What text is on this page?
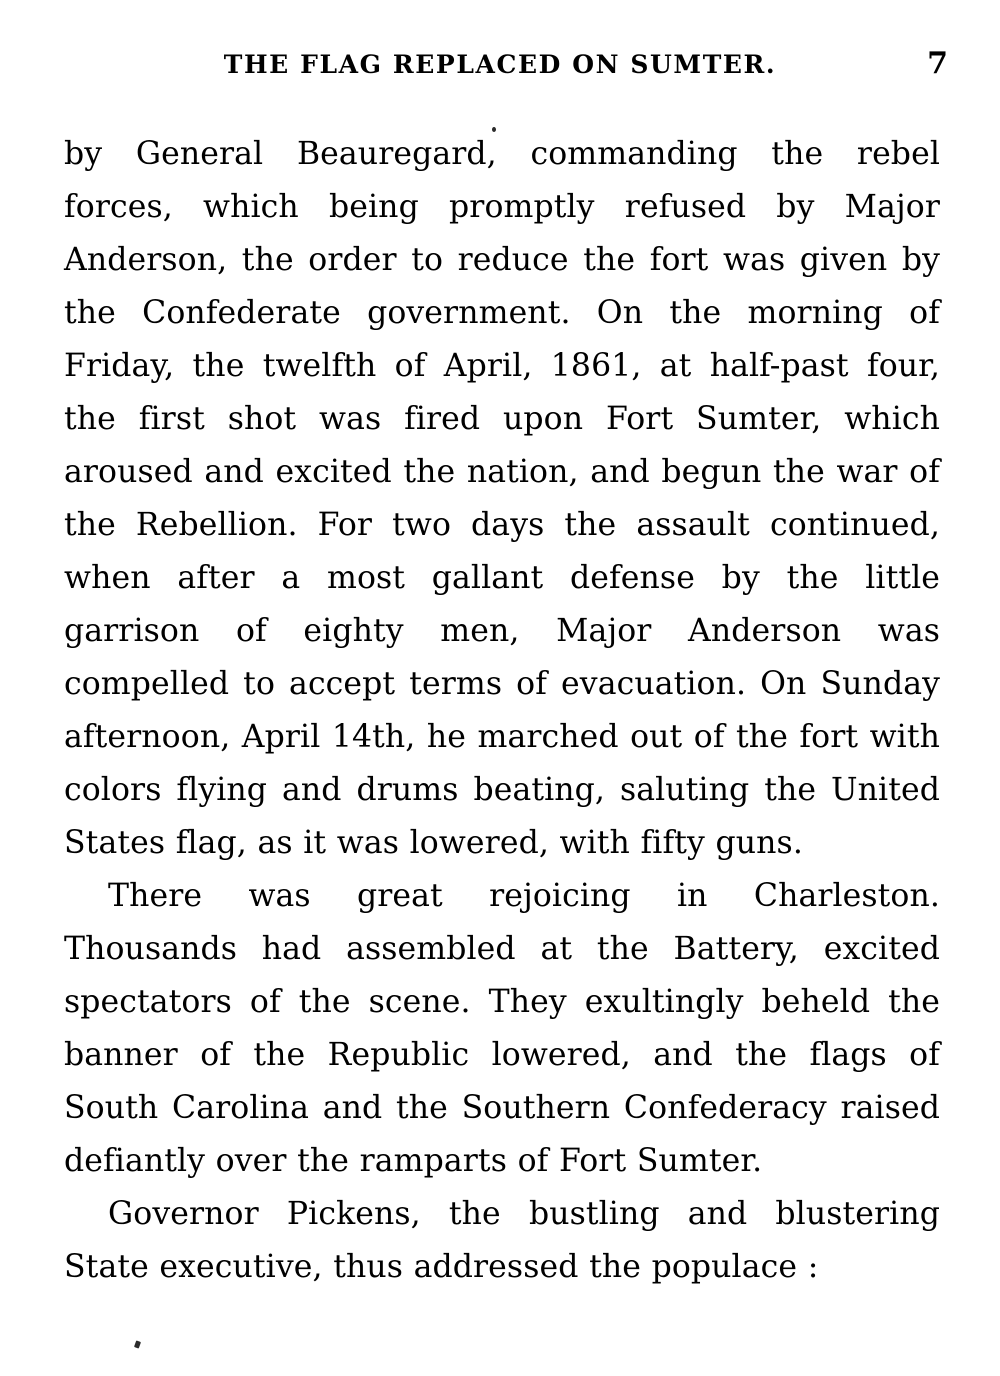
THE FLAG REPLACED ON SUMTER.	7

by General Beauregard, commanding the rebel forces, which being promptly refused by Major Anderson, the order to reduce the fort was given by the Confederate government. On the morning of Friday, the twelfth of April, 1861, at half-past four, the first shot was fired upon Fort Sumter, which aroused and excited the nation, and begun the war of the Rebellion. For two days the assault continued, when after a most gallant defense by the little garrison of eighty men, Major Anderson was compelled to accept terms of evacuation. On Sunday afternoon, April 14th, he marched out of the fort with colors flying and drums beating, saluting the United States flag, as it was lowered, with fifty guns.

There was great rejoicing in Charleston. Thousands had assembled at the Battery, excited spectators of the scene. They exultingly beheld the banner of the Republic lowered, and the flags of South Carolina and the Southern Confederacy raised defiantly over the ramparts of Fort Sumter.

Governor Pickens, the bustling and blustering State executive, thus addressed the populace :
